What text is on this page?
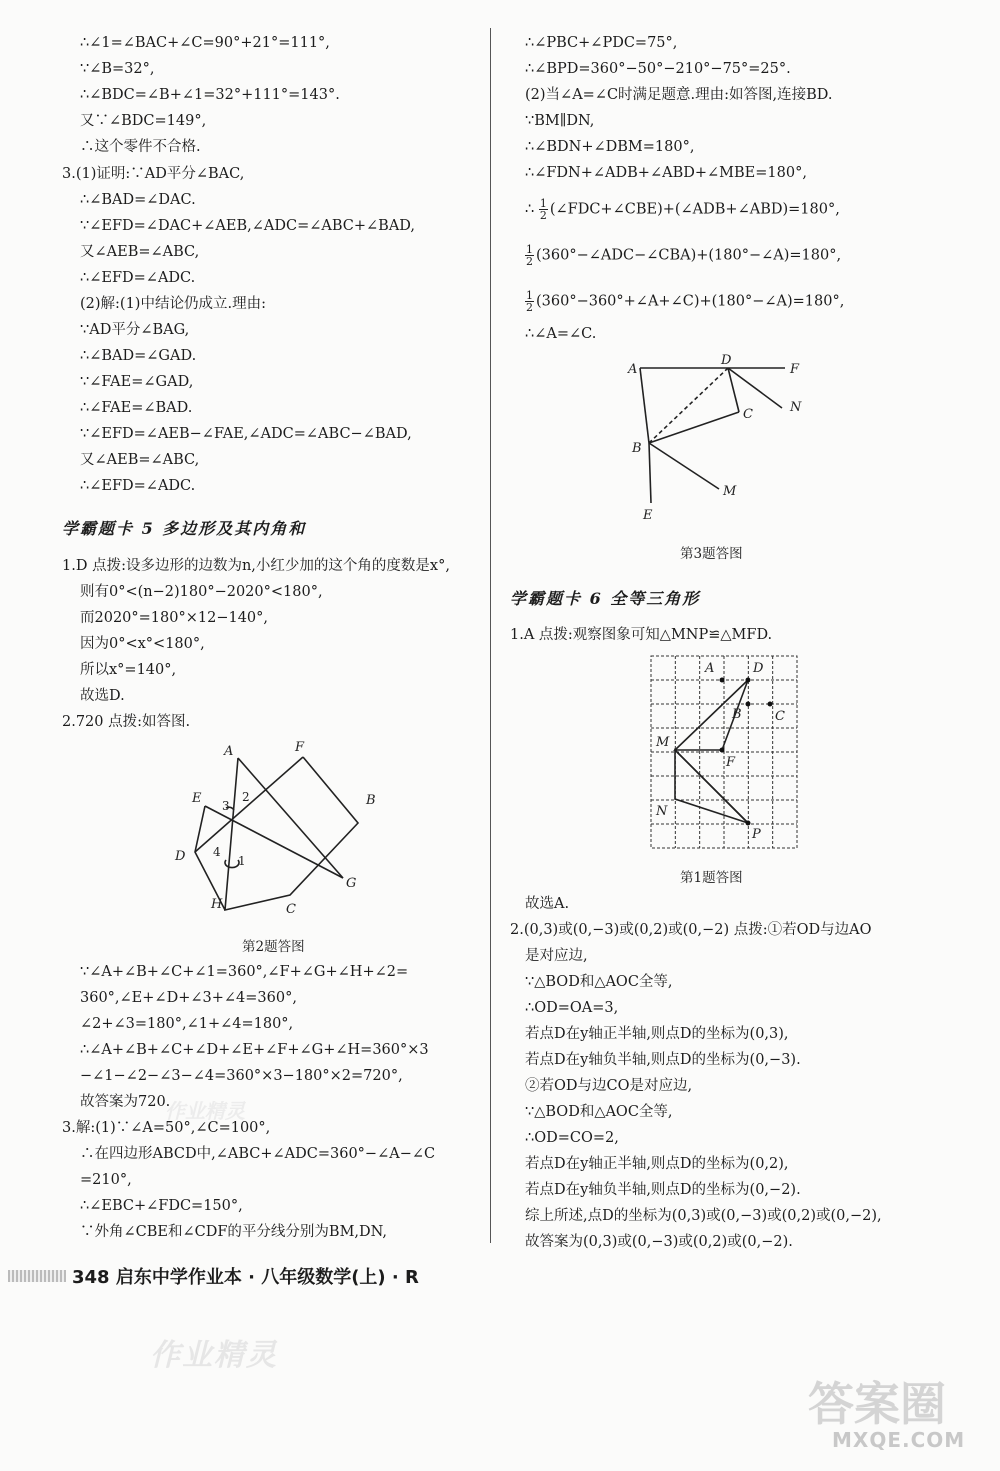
∴∠1=∠BAC+∠C=90°+21°=111°,
∵∠B=32°,
∴∠BDC=∠B+∠1=32°+111°=143°.
又∵∠BDC=149°,
∴这个零件不合格.
3.(1)证明:∵AD平分∠BAC,
∴∠BAD=∠DAC.
∵∠EFD=∠DAC+∠AEB,∠ADC=∠ABC+∠BAD,
又∠AEB=∠ABC,
∴∠EFD=∠ADC.
(2)解:(1)中结论仍成立.理由:
∵AD平分∠BAG,
∴∠BAD=∠GAD.
∵∠FAE=∠GAD,
∴∠FAE=∠BAD.
∵∠EFD=∠AEB−∠FAE,∠ADC=∠ABC−∠BAD,
又∠AEB=∠ABC,
∴∠EFD=∠ADC.
学霸题卡 5 多边形及其内角和
1.D 点拨:设多边形的边数为n,小红少加的这个角的度数是x°,
则有0°<(n−2)180°−2020°<180°,
而2020°=180°×12−140°,
因为0°<x°<180°,
所以x°=140°,
故选D.
2.720 点拨:如答图.
A	F
E	B
D
G
H	C
1
2
3
4
第2题答图
∵∠A+∠B+∠C+∠1=360°,∠F+∠G+∠H+∠2=
360°,∠E+∠D+∠3+∠4=360°,
∠2+∠3=180°,∠1+∠4=180°,
∴∠A+∠B+∠C+∠D+∠E+∠F+∠G+∠H=360°×3
−∠1−∠2−∠3−∠4=360°×3−180°×2=720°,
故答案为720.
3.解:(1)∵∠A=50°,∠C=100°,
∴在四边形ABCD中,∠ABC+∠ADC=360°−∠A−∠C
=210°,
∴∠EBC+∠FDC=150°,
∵外角∠CBE和∠CDF的平分线分别为BM,DN,
∴∠PBC+∠PDC=75°,
∴∠BPD=360°−50°−210°−75°=25°.
(2)当∠A=∠C时满足题意.理由:如答图,连接BD.
∵BM∥DN,
∴∠BDN+∠DBM=180°,
∴∠FDN+∠ADB+∠ABD+∠MBE=180°,
∴ $\frac{1}{2}$ (∠FDC+∠CBE)+(∠ADB+∠ABD)=180°,
$\frac{1}{2}$ (360°−∠ADC−∠CBA)+(180°−∠A)=180°,
$\frac{1}{2}$ (360°−360°+∠A+∠C)+(180°−∠A)=180°,
∴∠A=∠C.
A
D
F
N
C
B
M
E
第3题答图
学霸题卡 6 全等三角形
1.A 点拨:观察图象可知△MNP≌△MFD.
A	D
B	C
M
F
N
P
第1题答图
故选A.
2.(0,3)或(0,−3)或(0,2)或(0,−2) 点拨:①若OD与边AO
是对应边,
∵△BOD和△AOC全等,
∴OD=OA=3,
若点D在y轴正半轴,则点D的坐标为(0,3),
若点D在y轴负半轴,则点D的坐标为(0,−3).
②若OD与边CO是对应边,
∵△BOD和△AOC全等,
∴OD=CO=2,
若点D在y轴正半轴,则点D的坐标为(0,2),
若点D在y轴负半轴,则点D的坐标为(0,−2).
综上所述,点D的坐标为(0,3)或(0,−3)或(0,2)或(0,−2),
故答案为(0,3)或(0,−3)或(0,2)或(0,−2).
348 启东中学作业本 · 八年级数学(上) · R
作业精灵
作业精灵
答案圈
MXQE.COM
